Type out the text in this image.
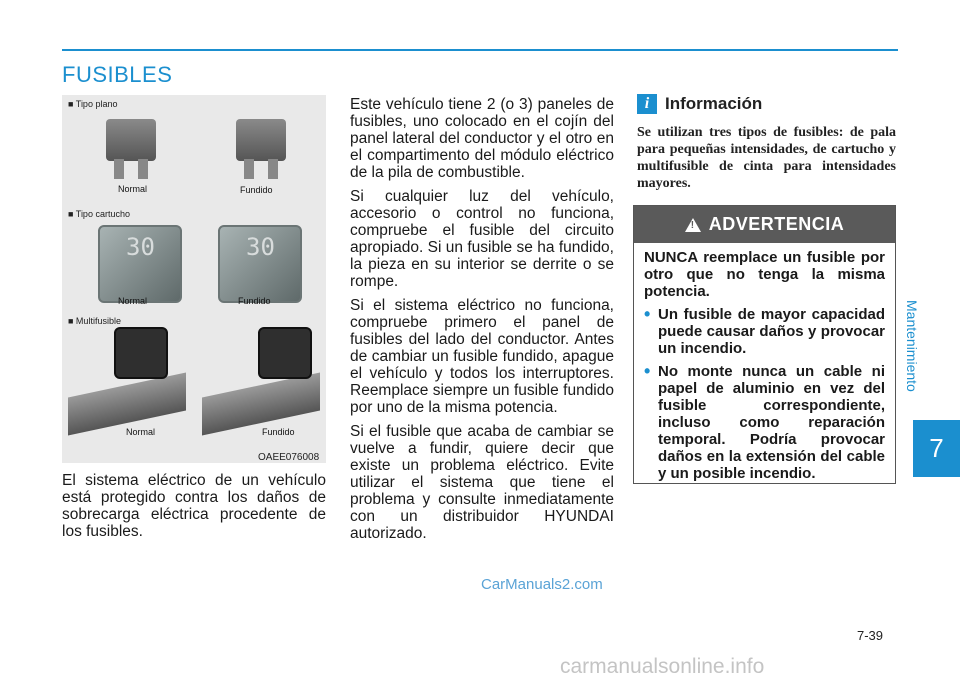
FUSIBLES
Mantenimiento
7
■ Tipo plano
Normal	Fundido
■ Tipo cartucho
30
Normal
30
Fundido
■ Multifusible
Normal	Fundido
OAEE076008

El sistema eléctrico de un vehículo está protegido contra los daños de sobrecarga eléctrica procedente de los fusibles.

Este vehículo tiene 2 (o 3) paneles de fusibles, uno colocado en el cojín del panel lateral del conductor y el otro en el compartimento del módulo eléctrico de la pila de combustible.

Si cualquier luz del vehículo, accesorio o control no funciona, compruebe el fusible del circuito apropiado. Si un fusible se ha fundido, la pieza en su interior se derrite o se rompe.

Si el sistema eléctrico no funciona, compruebe primero el panel de fusibles del lado del conductor. Antes de cambiar un fusible fundido, apague el vehículo y todos los interruptores. Reemplace siempre un fusible fundido por uno de la misma potencia.

Si el fusible que acaba de cambiar se vuelve a fundir, quiere decir que existe un problema eléctrico. Evite utilizar el sistema que tiene el problema y consulte inmediatamente con un distribuidor HYUNDAI autorizado.

i Información
Se utilizan tres tipos de fusibles: de pala para pequeñas intensidades, de cartucho y multifusible de cinta para intensidades mayores.
!
ADVERTENCIA

NUNCA reemplace un fusible por otro que no tenga la misma potencia.

• Un fusible de mayor capacidad puede causar daños y provocar un incendio.
• No monte nunca un cable ni papel de aluminio en vez del fusible correspondiente, incluso como reparación temporal. Podría provocar daños en la extensión del cable y un posible incendio.
CarManuals2.com
7-39
carmanualsonline.info
